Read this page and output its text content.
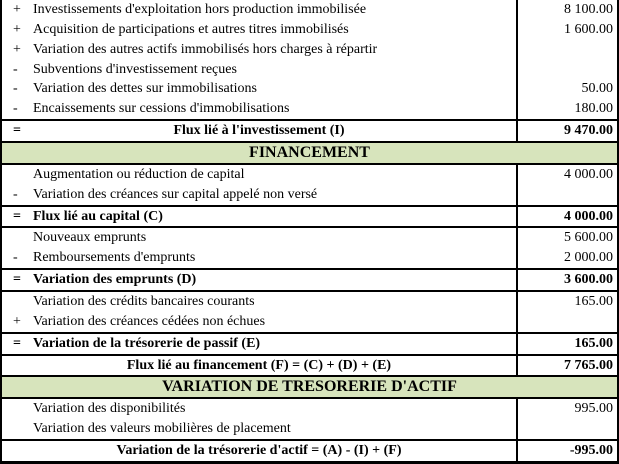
+ Investissements d'exploitation hors production immobilisée	8 100.00
+ Acquisition de participations et autres titres immobilisés	1 600.00
+ Variation des autres actifs immobilisés hors charges à répartir
-	Subventions d'investissement reçues
-	Variation des dettes sur immobilisations	50.00
-	Encaissements sur cessions d'immobilisations	180.00
=	Flux lié à l'investissement (I)	9 470.00
FINANCEMENT
Augmentation ou réduction de capital	4 000.00
-	Variation des créances sur capital appelé non versé
= Flux lié au capital (C)	4 000.00
Nouveaux emprunts	5 600.00
-	Remboursements d'emprunts	2 000.00
= Variation des emprunts (D)	3 600.00
Variation des crédits bancaires courants	165.00
+ Variation des créances cédées non échues
= Variation de la trésorerie de passif (E)	165.00
Flux lié au financement (F) = (C) + (D) + (E)	7 765.00
VARIATION DE TRESORERIE D'ACTIF
Variation des disponibilités	995.00
Variation des valeurs mobilières de placement
Variation de la trésorerie d'actif = (A) - (I) + (F)	-995.00
